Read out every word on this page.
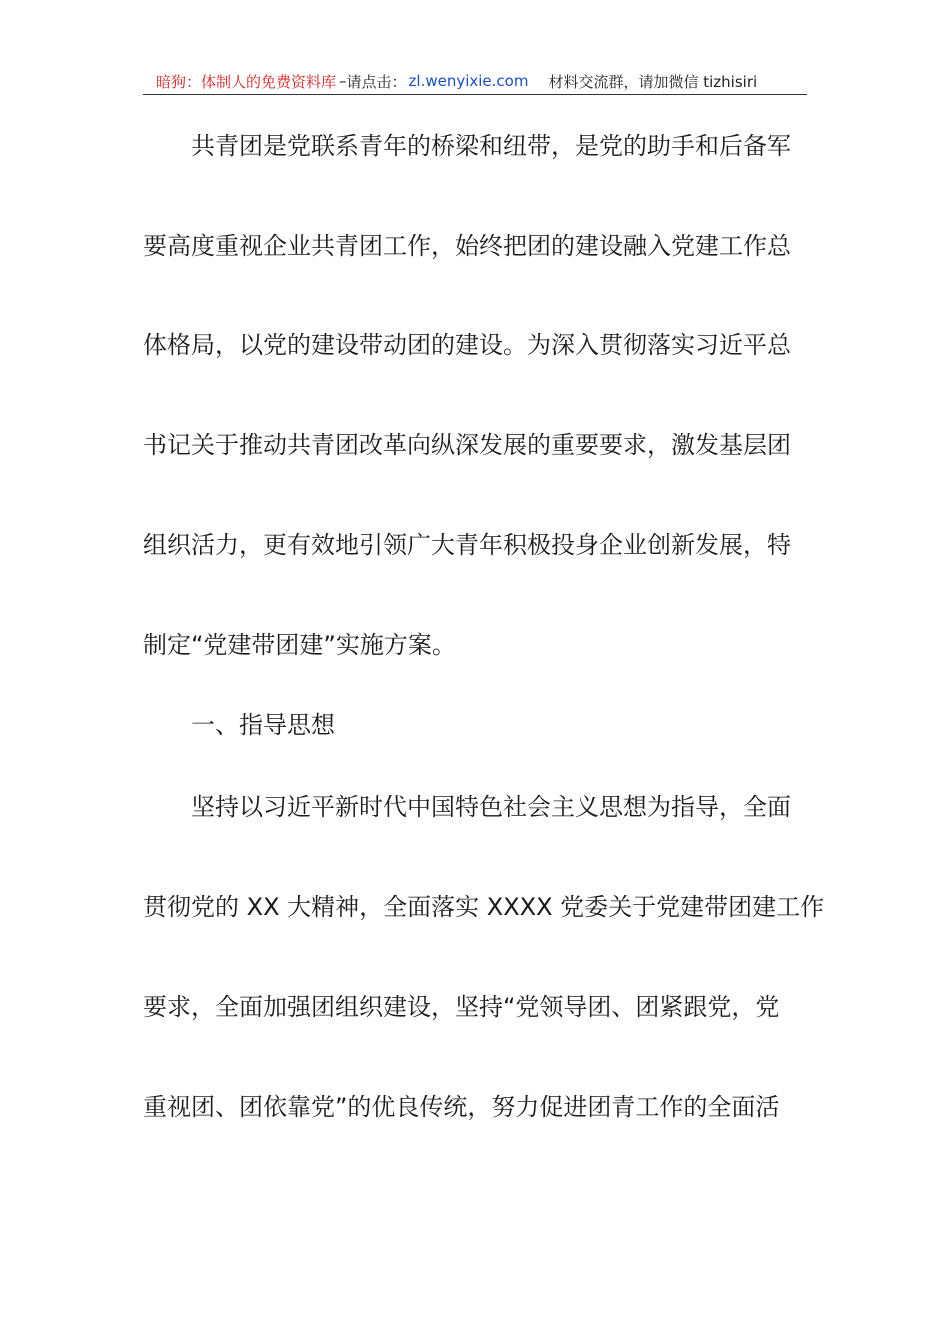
暗狗：体制人的免费资料库 – 请点击： zl.wenyixie.com 材料交流群，请加微信 tizhisiri
共青团是党联系青年的桥梁和纽带，是党的助手和后备军
要高度重视企业共青团工作，始终把团的建设融入党建工作总
体格局，以党的建设带动团的建设。为深入贯彻落实习近平总
书记关于推动共青团改革向纵深发展的重要要求，激发基层团
组织活力，更有效地引领广大青年积极投身企业创新发展，特
制定“党建带团建”实施方案。
一、指导思想
坚持以习近平新时代中国特色社会主义思想为指导，全面
贯彻党的 XX 大精神，全面落实 XXXX 党委关于党建带团建工作
要求，全面加强团组织建设，坚持“党领导团、团紧跟党，党
重视团、团依靠党”的优良传统，努力促进团青工作的全面活
